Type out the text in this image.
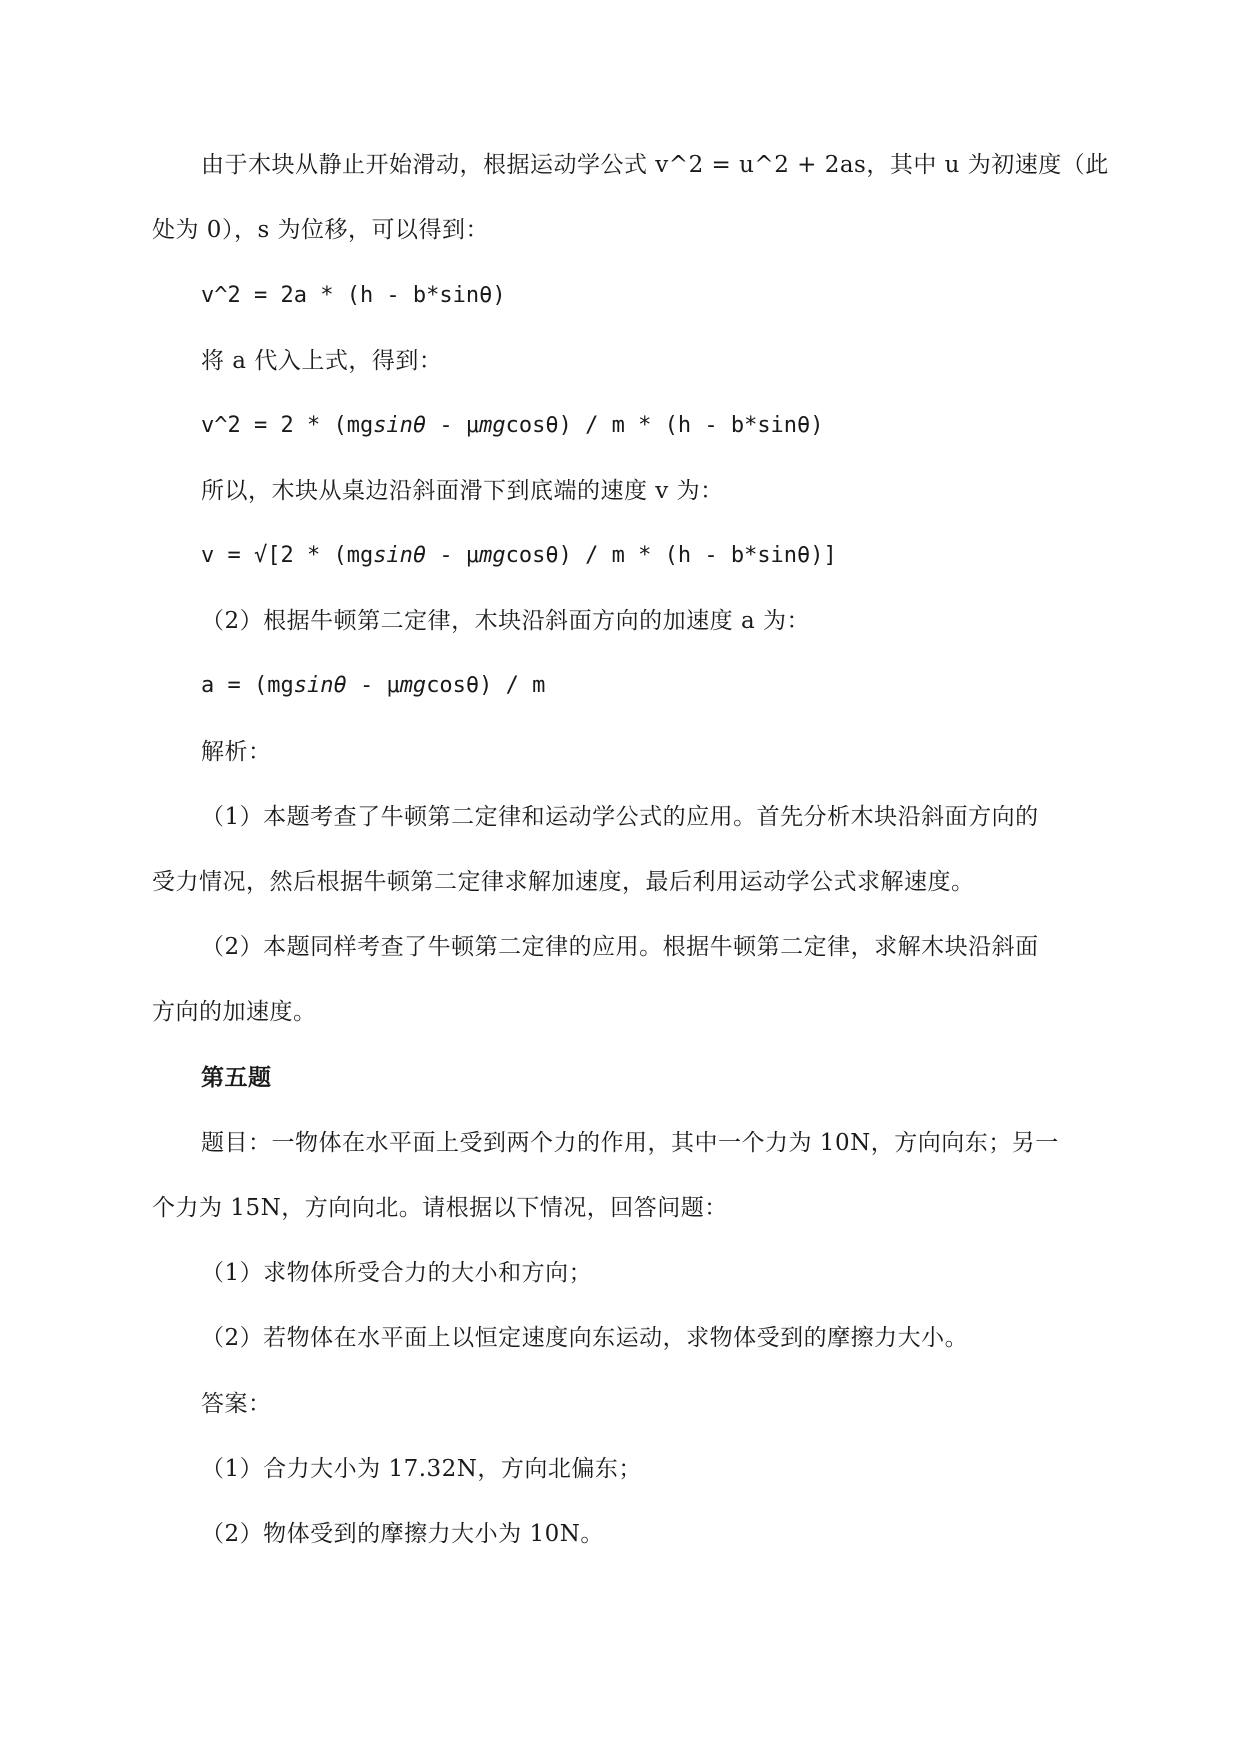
由于木块从静止开始滑动，根据运动学公式 v^2 = u^2 + 2as，其中 u 为初速度（此
处为 0），s 为位移，可以得到：
v^2 = 2a * (h - b*sinθ)
将 a 代入上式，得到：
v^2 = 2 * (mgsinθ - μmgcosθ) / m * (h - b*sinθ)
所以，木块从桌边沿斜面滑下到底端的速度 v 为：
v = √[2 * (mgsinθ - μmgcosθ) / m * (h - b*sinθ)]
（2）根据牛顿第二定律，木块沿斜面方向的加速度 a 为：
a = (mgsinθ - μmgcosθ) / m
解析：
（1）本题考查了牛顿第二定律和运动学公式的应用。首先分析木块沿斜面方向的
受力情况，然后根据牛顿第二定律求解加速度，最后利用运动学公式求解速度。
（2）本题同样考查了牛顿第二定律的应用。根据牛顿第二定律，求解木块沿斜面
方向的加速度。
第五题
题目：一物体在水平面上受到两个力的作用，其中一个力为 10N，方向向东；另一
个力为 15N，方向向北。请根据以下情况，回答问题：
（1）求物体所受合力的大小和方向；
（2）若物体在水平面上以恒定速度向东运动，求物体受到的摩擦力大小。
答案：
（1）合力大小为 17.32N，方向北偏东；
（2）物体受到的摩擦力大小为 10N。
